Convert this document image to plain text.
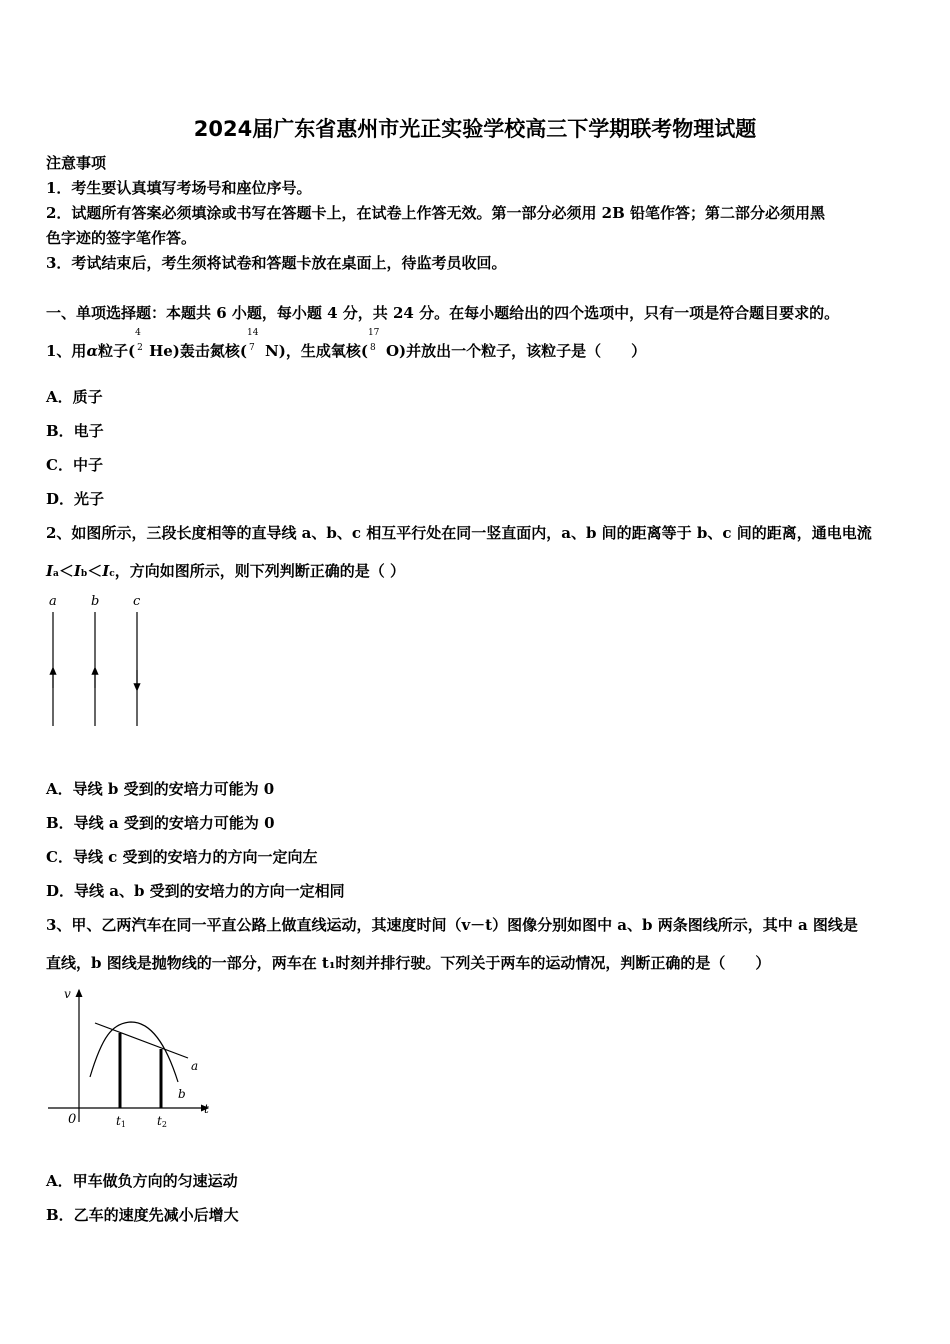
2024届广东省惠州市光正实验学校高三下学期联考物理试题
注意事项
1．考生要认真填写考场号和座位序号。
2．试题所有答案必须填涂或书写在答题卡上，在试卷上作答无效。第一部分必须用 2B 铅笔作答；第二部分必须用黑
色字迹的签字笔作答。
3．考试结束后，考生须将试卷和答题卡放在桌面上，待监考员收回。
一、单项选择题：本题共 6 小题，每小题 4 分，共 24 分。在每小题给出的四个选项中，只有一项是符合题目要求的。
1、用α粒子(
4
2 He)轰击氮核(
14
7 N)，生成氧核(
17
8 O)并放出一个粒子，该粒子是（　　）
A．质子
B．电子
C．中子
D．光子
2、如图所示，三段长度相等的直导线 a、b、c 相互平行处在同一竖直面内，a、b 间的距离等于 b、c 间的距离，通电电流
Ia＜Ib＜Ic，方向如图所示，则下列判断正确的是（ ）
a	b	c
A．导线 b 受到的安培力可能为 0
B．导线 a 受到的安培力可能为 0
C．导线 c 受到的安培力的方向一定向左
D．导线 a、b 受到的安培力的方向一定相同
3、甲、乙两汽车在同一平直公路上做直线运动，其速度时间（v－t）图像分别如图中 a、b 两条图线所示，其中 a 图线是
直线，b 图线是抛物线的一部分，两车在 t₁时刻并排行驶。下列关于两车的运动情况，判断正确的是（　　）
v
t
0
a
b
t1	t2
A．甲车做负方向的匀速运动
B．乙车的速度先减小后增大
